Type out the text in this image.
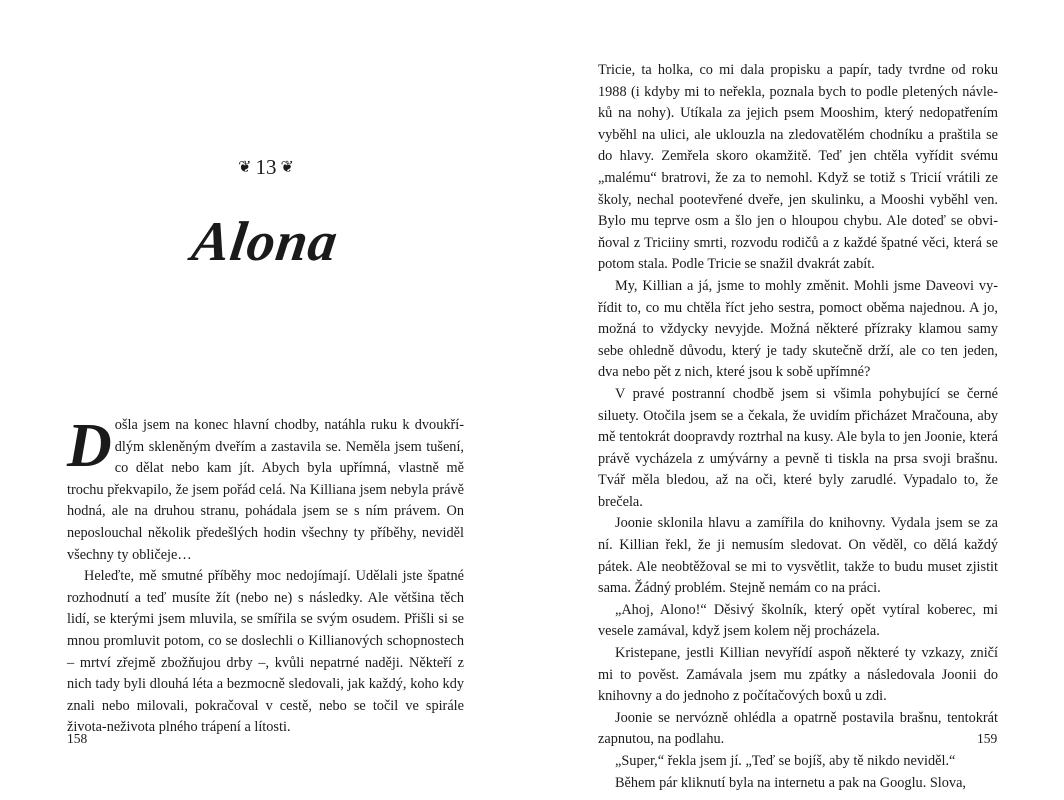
❦ 13 ❦
Alona

Došla jsem na konec hlavní chodby, natáhla ruku k dvoukřídlým skleněným dveřím a zastavila se. Neměla jsem tušení, co dělat nebo kam jít. Abych byla upřímná, vlastně mě trochu překvapilo, že jsem pořád celá. Na Killiana jsem nebyla právě hodná, ale na druhou stranu, pohádala jsem se s ním právem. On neposlouchal několik předešlých hodin všechny ty příběhy, neviděl všechny ty obličeje…

Heleďte, mě smutné příběhy moc nedojímají. Udělali jste špatné rozhodnutí a teď musíte žít (nebo ne) s následky. Ale většina těch lidí, se kterými jsem mluvila, se smířila se svým osudem. Přišli si se mnou promluvit potom, co se doslechli o Killianových schopnostech – mrtví zřejmě zbožňujou drby –, kvůli nepatrné naději. Někteří z nich tady byli dlouhá léta a bezmocně sledovali, jak každý, koho kdy znali nebo milovali, pokračoval v cestě, nebo se točil ve spirále života-neživota plného trápení a lítosti.

158

Tricie, ta holka, co mi dala propisku a papír, tady tvrdne od roku 1988 (i kdyby mi to neřekla, poznala bych to podle pletených návleků na nohy). Utíkala za jejich psem Mooshim, který nedopatřením vyběhl na ulici, ale uklouzla na zledovatělém chodníku a praštila se do hlavy. Zemřela skoro okamžitě. Teď jen chtěla vyřídit svému „malému“ bratrovi, že za to nemohl. Když se totiž s Tricií vrátili ze školy, nechal pootevřené dveře, jen skulinku, a Mooshi vyběhl ven. Bylo mu teprve osm a šlo jen o hloupou chybu. Ale doteď se obviňoval z Triciiny smrti, rozvodu rodičů a z každé špatné věci, která se potom stala. Podle Tricie se snažil dvakrát zabít.

My, Killian a já, jsme to mohly změnit. Mohli jsme Daveovi vyřídit to, co mu chtěla říct jeho sestra, pomoct oběma najednou. A jo, možná to vždycky nevyjde. Možná některé přízraky klamou samy sebe ohledně důvodu, který je tady skutečně drží, ale co ten jeden, dva nebo pět z nich, které jsou k sobě upřímné?

V pravé postranní chodbě jsem si všimla pohybující se černé siluety. Otočila jsem se a čekala, že uvidím přicházet Mračouna, aby mě tentokrát doopravdy roztrhal na kusy. Ale byla to jen Joonie, která právě vycházela z umývárny a pevně ti tiskla na prsa svoji brašnu. Tvář měla bledou, až na oči, které byly zarudlé. Vypadalo to, že brečela.

Joonie sklonila hlavu a zamířila do knihovny. Vydala jsem se za ní. Killian řekl, že ji nemusím sledovat. On věděl, co dělá každý pátek. Ale neobtěžoval se mi to vysvětlit, takže to budu muset zjistit sama. Žádný problém. Stejně nemám co na práci.

„Ahoj, Alono!“ Děsivý školník, který opět vytíral koberec, mi vesele zamával, když jsem kolem něj procházela.

Kristepane, jestli Killian nevyřídí aspoň některé ty vzkazy, zničí mi to pověst. Zamávala jsem mu zpátky a následovala Joonii do knihovny a do jednoho z počítačových boxů u zdi.

Joonie se nervózně ohlédla a opatrně postavila brašnu, tentokrát zapnutou, na podlahu.

„Super,“ řekla jsem jí. „Teď se bojíš, aby tě nikdo neviděl.“

Během pár kliknutí byla na internetu a pak na Googlu. Slova,

159
